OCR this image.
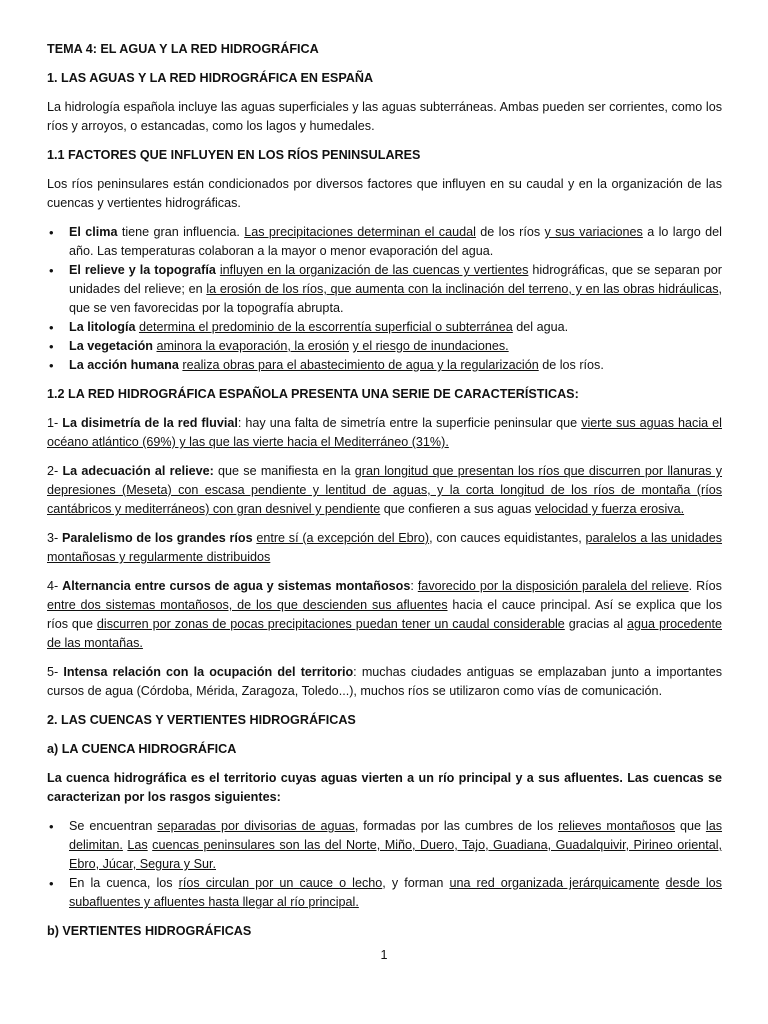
TEMA 4: EL AGUA Y LA RED HIDROGRÁFICA
1. LAS AGUAS Y LA RED HIDROGRÁFICA EN ESPAÑA

La hidrología española incluye las aguas superficiales y las aguas subterráneas. Ambas pueden ser corrientes, como los ríos y arroyos, o estancadas, como los lagos y humedales.

1.1 FACTORES QUE INFLUYEN EN LOS RÍOS PENINSULARES

Los ríos peninsulares están condicionados por diversos factores que influyen en su caudal y en la organización de las cuencas y vertientes hidrográficas.

• El clima tiene gran influencia. Las precipitaciones determinan el caudal de los ríos y sus variaciones a lo largo del año. Las temperaturas colaboran a la mayor o menor evaporación del agua.
• El relieve y la topografía influyen en la organización de las cuencas y vertientes hidrográficas, que se separan por unidades del relieve; en la erosión de los ríos, que aumenta con la inclinación del terreno, y en las obras hidráulicas, que se ven favorecidas por la topografía abrupta.
• La litología determina el predominio de la escorrentía superficial o subterránea del agua.
• La vegetación aminora la evaporación, la erosión y el riesgo de inundaciones.
• La acción humana realiza obras para el abastecimiento de agua y la regularización de los ríos.
1.2 LA RED HIDROGRÁFICA ESPAÑOLA PRESENTA UNA SERIE DE CARACTERÍSTICAS:

1- La disimetría de la red fluvial: hay una falta de simetría entre la superficie peninsular que vierte sus aguas hacia el océano atlántico (69%) y las que las vierte hacia el Mediterráneo (31%).

2- La adecuación al relieve: que se manifiesta en la gran longitud que presentan los ríos que discurren por llanuras y depresiones (Meseta) con escasa pendiente y lentitud de aguas, y la corta longitud de los ríos de montaña (ríos cantábricos y mediterráneos) con gran desnivel y pendiente que confieren a sus aguas velocidad y fuerza erosiva.

3- Paralelismo de los grandes ríos entre sí (a excepción del Ebro), con cauces equidistantes, paralelos a las unidades montañosas y regularmente distribuidos

4- Alternancia entre cursos de agua y sistemas montañosos: favorecido por la disposición paralela del relieve. Ríos entre dos sistemas montañosos, de los que descienden sus afluentes hacia el cauce principal. Así se explica que los ríos que discurren por zonas de pocas precipitaciones puedan tener un caudal considerable gracias al agua procedente de las montañas.

5- Intensa relación con la ocupación del territorio: muchas ciudades antiguas se emplazaban junto a importantes cursos de agua (Córdoba, Mérida, Zaragoza, Toledo...), muchos ríos se utilizaron como vías de comunicación.

2. LAS CUENCAS Y VERTIENTES HIDROGRÁFICAS
a) LA CUENCA HIDROGRÁFICA

La cuenca hidrográfica es el territorio cuyas aguas vierten a un río principal y a sus afluentes. Las cuencas se caracterizan por los rasgos siguientes:

• Se encuentran separadas por divisorias de aguas, formadas por las cumbres de los relieves montañosos que las delimitan. Las cuencas peninsulares son las del Norte, Miño, Duero, Tajo, Guadiana, Guadalquivir, Pirineo oriental, Ebro, Júcar, Segura y Sur.
• En la cuenca, los ríos circulan por un cauce o lecho, y forman una red organizada jerárquicamente desde los subafluentes y afluentes hasta llegar al río principal.
b) VERTIENTES HIDROGRÁFICAS
1
